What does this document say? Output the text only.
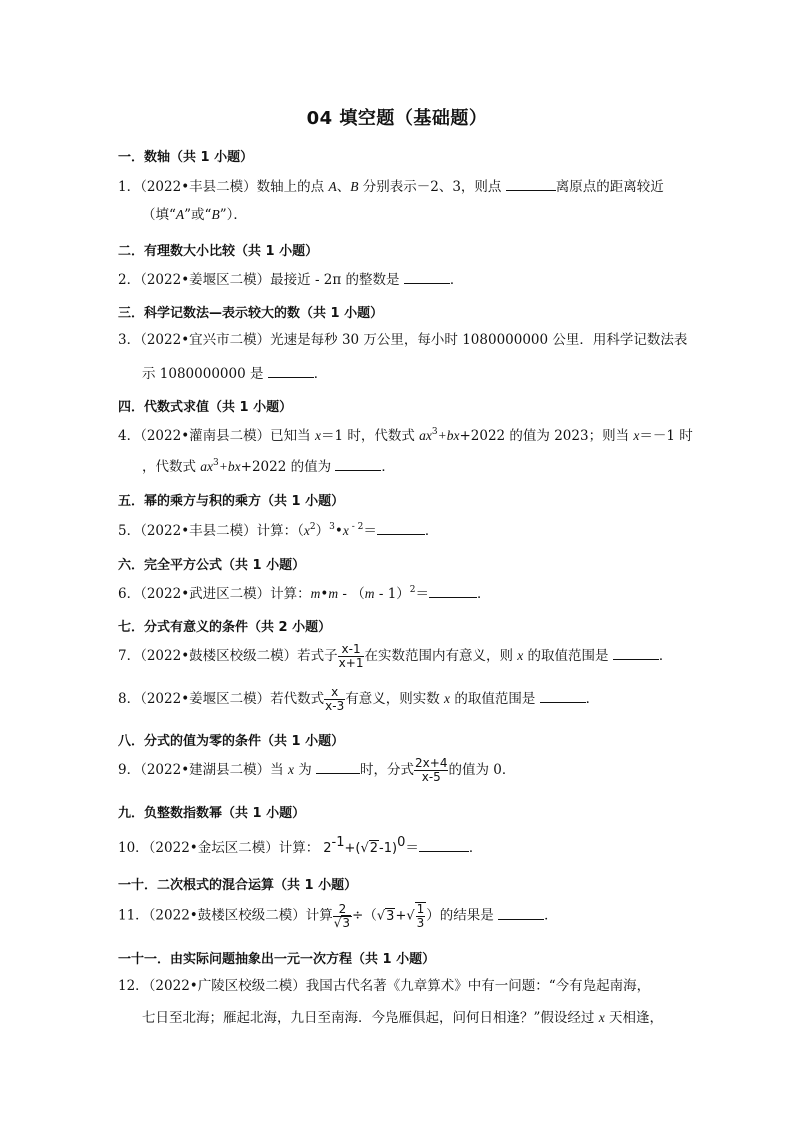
04 填空题（基础题）
一．数轴（共 1 小题）
1．（2022•丰县二模）数轴上的点 A、B 分别表示－2、3，则点	离原点的距离较近
（填“A”或“B”）．
二．有理数大小比较（共 1 小题）
2．（2022•姜堰区二模）最接近 - 2π 的整数是	．
三．科学记数法—表示较大的数（共 1 小题）
3．（2022•宜兴市二模）光速是每秒 30 万公里，每小时 1080000000 公里．用科学记数法表
示 1080000000 是	．
四．代数式求值（共 1 小题）
4．（2022•灌南县二模）已知当 x＝1 时，代数式 $ax^3+bx+2022$ 的值为 2023；则当 x＝－1 时
，代数式 $ax^3+bx+2022$ 的值为	．
五．幂的乘方与积的乘方（共 1 小题）
5．（2022•丰县二模）计算：$(x^2)^3•x$ $^{- 2}$＝	．
六．完全平方公式（共 1 小题）
6．（2022•武进区二模）计算：m•m - （m - 1）$^2$＝	．
七．分式有意义的条件（共 2 小题）
7．（2022•鼓楼区校级二模）若式子 $\frac{x-1}{x+1}$ 在实数范围内有意义，则 x 的取值范围是	．
8．（2022•姜堰区二模）若代数式 $\frac{x}{x-3}$ 有意义，则实数 x 的取值范围是	．
八．分式的值为零的条件（共 1 小题）
9．（2022•建湖县二模）当 x 为	时，分式 $\frac{2x+4}{x-5}$ 的值为 0．
九．负整数指数幂（共 1 小题）
10．（2022•金坛区二模）计算： 2-1+(√2-1)0＝	．
一十．二次根式的混合运算（共 1 小题）
11．（2022•鼓楼区校级二模）计算 $\frac{2}{√3} \div(√3+√ \frac{1}{3}$ ）的结果是	．
一十一．由实际问题抽象出一元一次方程（共 1 小题）
12．（2022•广陵区校级二模）我国古代名著《九章算术》中有一问题：“今有凫起南海，
七日至北海；雁起北海，九日至南海．今凫雁俱起，问何日相逢？”假设经过 x 天相逢，
